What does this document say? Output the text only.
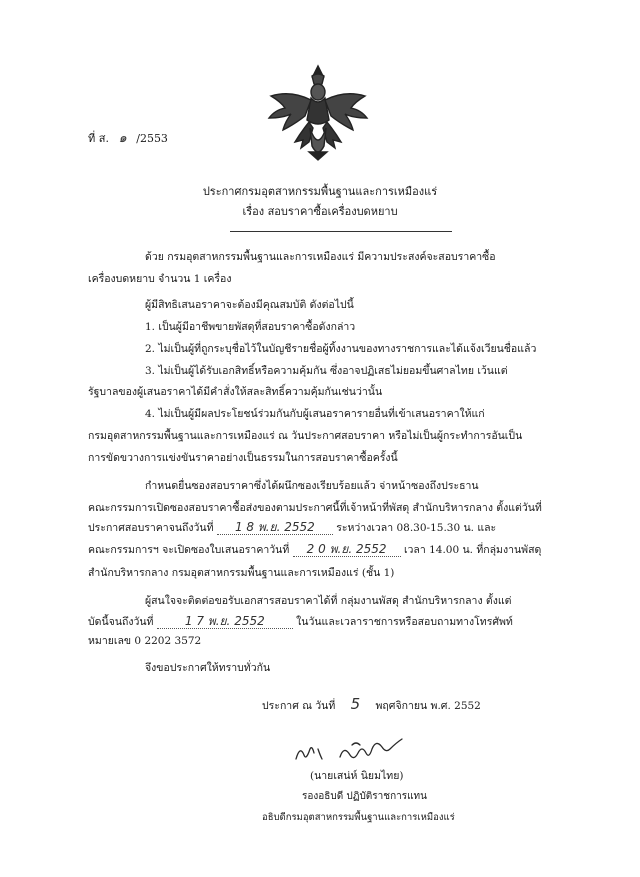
ที่ ส. ๑ /2553
ประกาศกรมอุตสาหกรรมพื้นฐานและการเหมืองแร่
เรื่อง สอบราคาซื้อเครื่องบดหยาบ
ด้วย กรมอุตสาหกรรมพื้นฐานและการเหมืองแร่ มีความประสงค์จะสอบราคาซื้อ
เครื่องบดหยาบ จำนวน 1 เครื่อง
ผู้มีสิทธิเสนอราคาจะต้องมีคุณสมบัติ ดังต่อไปนี้
1. เป็นผู้มีอาชีพขายพัสดุที่สอบราคาซื้อดังกล่าว
2. ไม่เป็นผู้ที่ถูกระบุชื่อไว้ในบัญชีรายชื่อผู้ทิ้งงานของทางราชการและได้แจ้งเวียนชื่อแล้ว
3. ไม่เป็นผู้ได้รับเอกสิทธิ์หรือความคุ้มกัน ซึ่งอาจปฏิเสธไม่ยอมขึ้นศาลไทย เว้นแต่
รัฐบาลของผู้เสนอราคาได้มีคำสั่งให้สละสิทธิ์ความคุ้มกันเช่นว่านั้น
4. ไม่เป็นผู้มีผลประโยชน์ร่วมกันกับผู้เสนอราคารายอื่นที่เข้าเสนอราคาให้แก่
กรมอุตสาหกรรมพื้นฐานและการเหมืองแร่ ณ วันประกาศสอบราคา หรือไม่เป็นผู้กระทำการอันเป็น
การขัดขวางการแข่งขันราคาอย่างเป็นธรรมในการสอบราคาซื้อครั้งนี้
กำหนดยื่นซองสอบราคาซึ่งได้ผนึกซองเรียบร้อยแล้ว จ่าหน้าซองถึงประธาน
คณะกรรมการเปิดซองสอบราคาซื้อส่งของตามประกาศนี้ที่เจ้าหน้าที่พัสดุ สำนักบริหารกลาง ตั้งแต่วันที่
ประกาศสอบราคาจนถึงวันที่ 1 8 พ.ย. 2552 ระหว่างเวลา 08.30-15.30 น. และ
คณะกรรมการฯ จะเปิดซองใบเสนอราคาวันที่ 2 0 พ.ย. 2552 เวลา 14.00 น. ที่กลุ่มงานพัสดุ
สำนักบริหารกลาง กรมอุตสาหกรรมพื้นฐานและการเหมืองแร่ (ชั้น 1)
ผู้สนใจจะติดต่อขอรับเอกสารสอบราคาได้ที่ กลุ่มงานพัสดุ สำนักบริหารกลาง ตั้งแต่
บัดนี้จนถึงวันที่	1 7 พ.ย. 2552	ในวันและเวลาราชการหรือสอบถามทางโทรศัพท์
หมายเลข 0 2202 3572
จึงขอประกาศให้ทราบทั่วกัน
ประกาศ ณ วันที่ 5 พฤศจิกายน พ.ศ. 2552
(นายเสน่ห์ นิยมไทย)
รองอธิบดี ปฏิบัติราชการแทน
อธิบดีกรมอุตสาหกรรมพื้นฐานและการเหมืองแร่
